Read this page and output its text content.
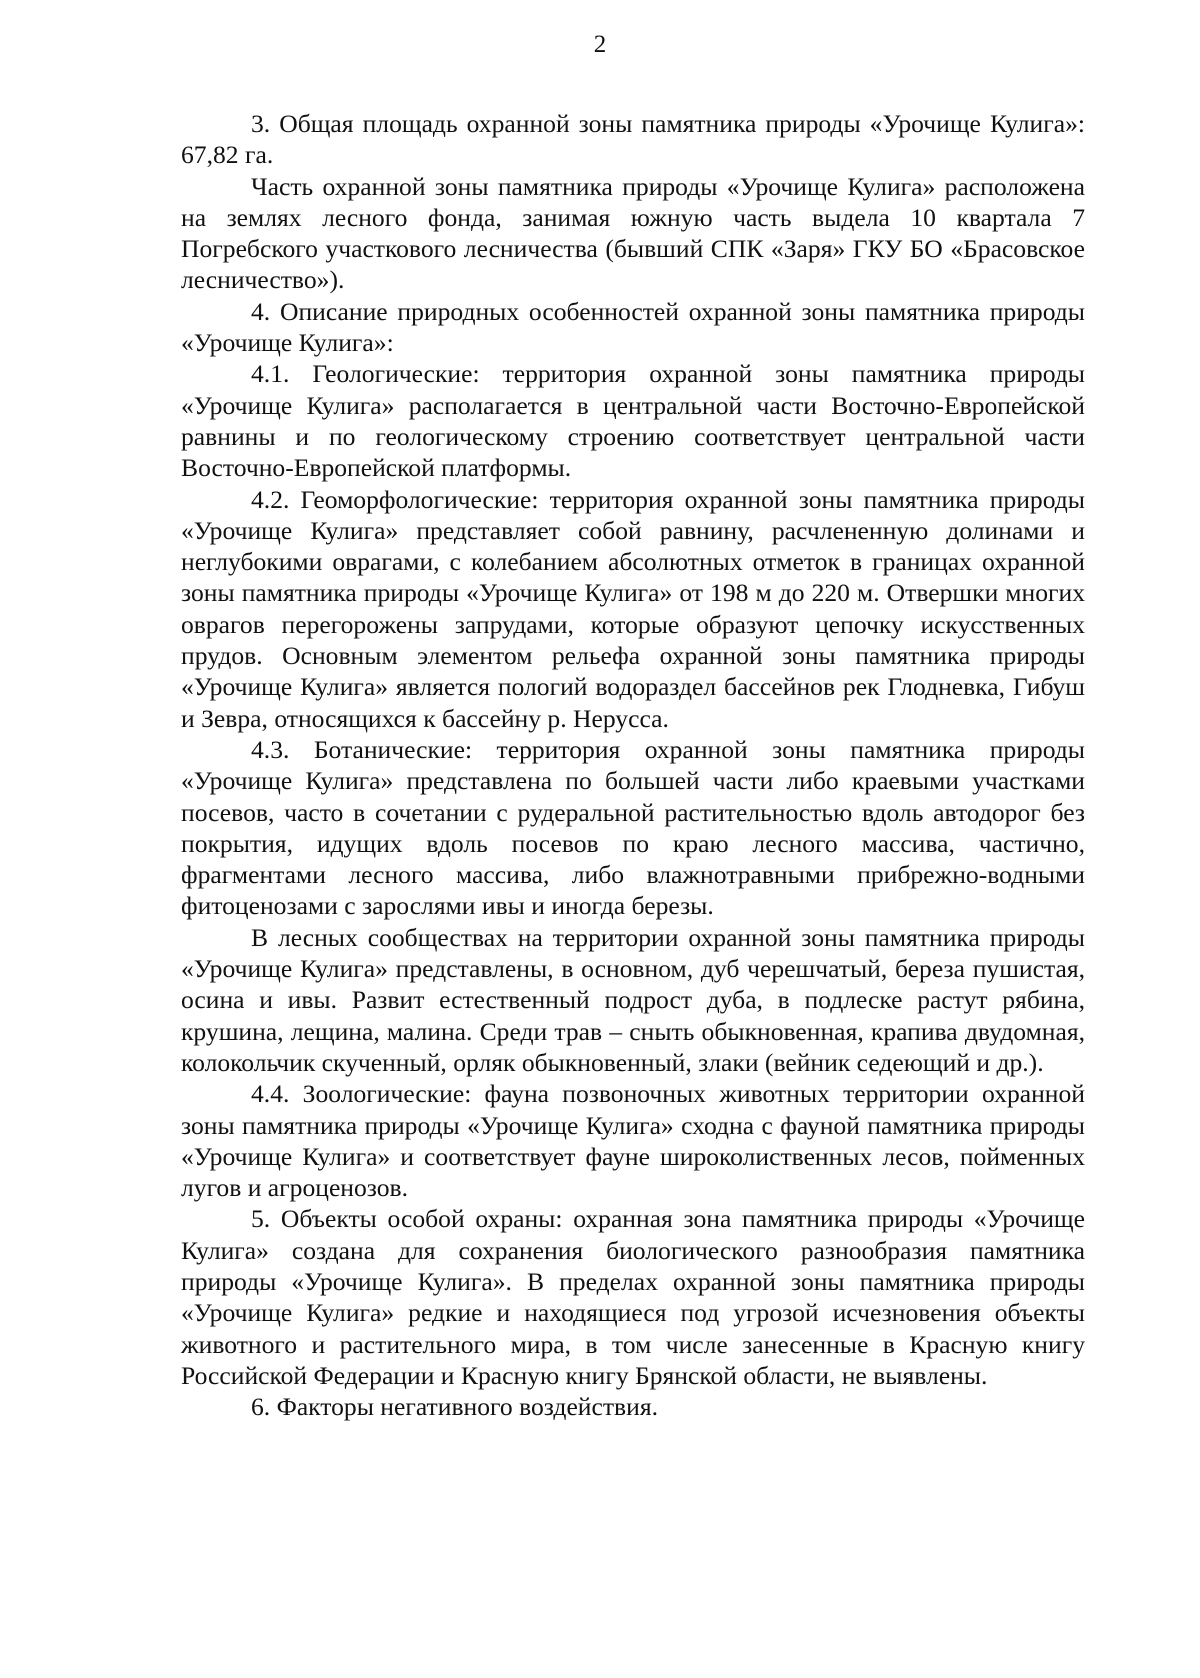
2

3. Общая площадь охранной зоны памятника природы «Урочище Кулига»: 67,82 га.

Часть охранной зоны памятника природы «Урочище Кулига» расположена на землях лесного фонда, занимая южную часть выдела 10 квартала 7 Погребского участкового лесничества (бывший СПК «Заря» ГКУ БО «Брасовское лесничество»).

4. Описание природных особенностей охранной зоны памятника природы «Урочище Кулига»:

4.1. Геологические: территория охранной зоны памятника природы «Урочище Кулига» располагается в центральной части Восточно-Европейской равнины и по геологическому строению соответствует центральной части Восточно-Европейской платформы.

4.2. Геоморфологические: территория охранной зоны памятника природы «Урочище Кулига» представляет собой равнину, расчлененную долинами и неглубокими оврагами, с колебанием абсолютных отметок в границах охранной зоны памятника природы «Урочище Кулига» от 198 м до 220 м. Отвершки многих оврагов перегорожены запрудами, которые образуют цепочку искусственных прудов. Основным элементом рельефа охранной зоны памятника природы «Урочище Кулига» является пологий водораздел бассейнов рек Глодневка, Гибуш и Зевра, относящихся к бассейну р. Нерусса.

4.3. Ботанические: территория охранной зоны памятника природы «Урочище Кулига» представлена по большей части либо краевыми участками посевов, часто в сочетании с рудеральной растительностью вдоль автодорог без покрытия, идущих вдоль посевов по краю лесного массива, частично, фрагментами лесного массива, либо влажнотравными прибрежно-водными фитоценозами с зарослями ивы и иногда березы.

В лесных сообществах на территории охранной зоны памятника природы «Урочище Кулига» представлены, в основном, дуб черешчатый, береза пушистая, осина и ивы. Развит естественный подрост дуба, в подлеске растут рябина, крушина, лещина, малина. Среди трав – сныть обыкновенная, крапива двудомная, колокольчик скученный, орляк обыкновенный, злаки (вейник седеющий и др.).

4.4. Зоологические: фауна позвоночных животных территории охранной зоны памятника природы «Урочище Кулига» сходна с фауной памятника природы «Урочище Кулига» и соответствует фауне широколиственных лесов, пойменных лугов и агроценозов.

5. Объекты особой охраны: охранная зона памятника природы «Урочище Кулига» создана для сохранения биологического разнообразия памятника природы «Урочище Кулига». В пределах охранной зоны памятника природы «Урочище Кулига» редкие и находящиеся под угрозой исчезновения объекты животного и растительного мира, в том числе занесенные в Красную книгу Российской Федерации и Красную книгу Брянской области, не выявлены.

6. Факторы негативного воздействия.
